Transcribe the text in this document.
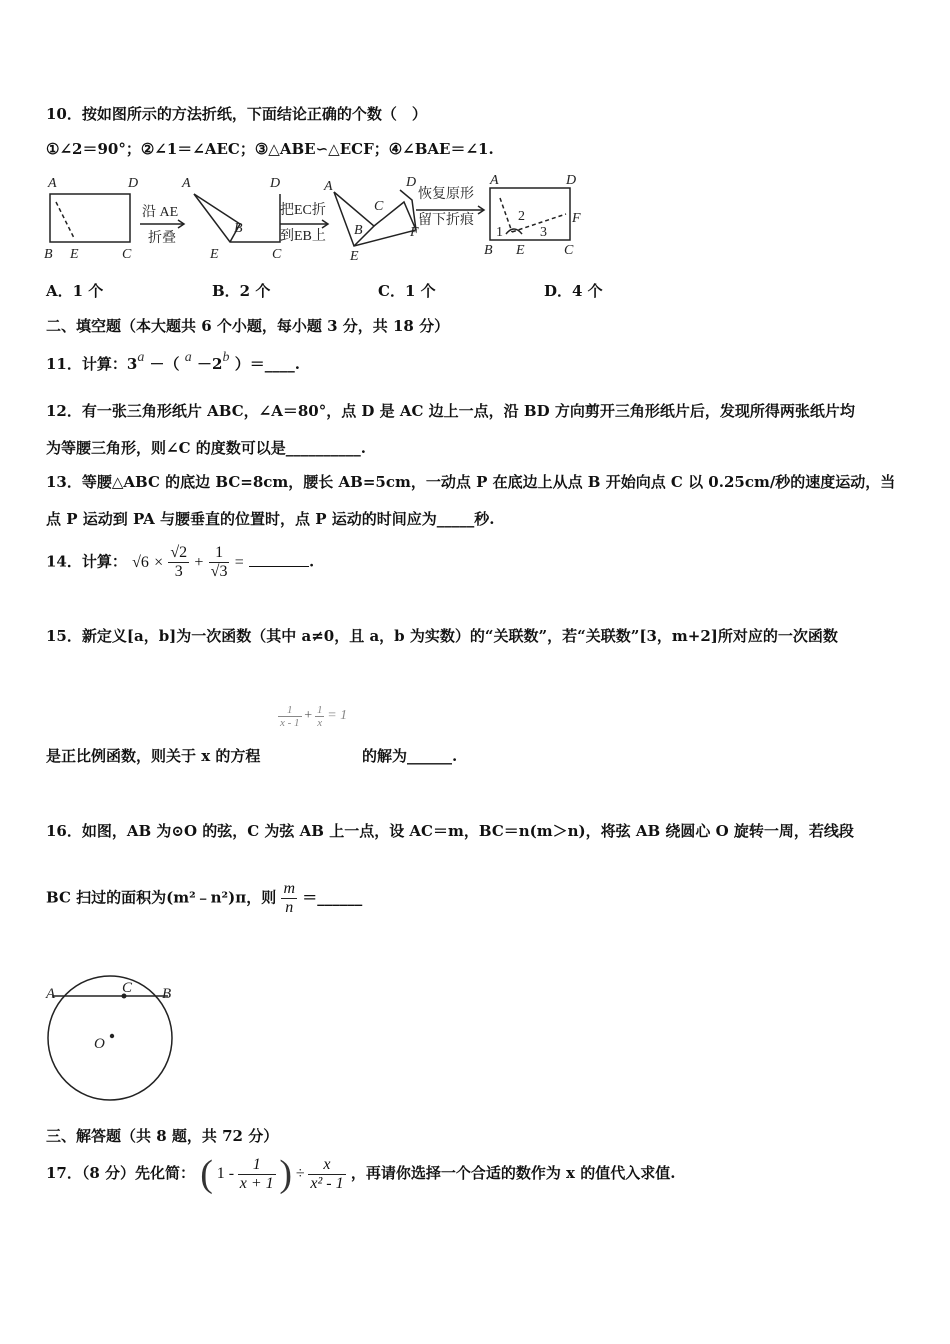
10．按如图所示的方法折纸，下面结论正确的个数（　）
①∠2＝90°；②∠1＝∠AEC；③△ABE∽△ECF；④∠BAE＝∠1.
A	D
B E	C
A	D
B
E	C
A	D
C
B	F
E
A	D
F
B E	C
1
2
3
沿 AE
折叠
把EC折
到EB上
恢复原形
留下折痕
A．1 个	B．2 个	C．1 个	D．4 个
二、填空题（本大题共 6 个小题，每小题 3 分，共 18 分）
11．计算：3a －（ a －2b ）＝____.
12．有一张三角形纸片 ABC，∠A＝80°，点 D 是 AC 边上一点，沿 BD 方向剪开三角形纸片后，发现所得两张纸片均
为等腰三角形，则∠C 的度数可以是__________.
13．等腰△ABC 的底边 BC=8cm，腰长 AB=5cm，一动点 P 在底边上从点 B 开始向点 C 以 0.25cm/秒的速度运动，当
点 P 运动到 PA 与腰垂直的位置时，点 P 运动的时间应为_____秒.
14．计算： $√6 \times \frac{√2}{3} + \frac{1}{√3}$ =	.
15．新定义[a，b]为一次函数（其中 a≠0，且 a，b 为实数）的“关联数”，若“关联数”[3，m+2]所对应的一次函数
$\frac{1}{x - 1} + \frac{1}{x} = 1$
是正比例函数，则关于 x 的方程	的解为______.
16．如图，AB 为⊙O 的弦，C 为弦 AB 上一点，设 AC＝m，BC＝n(m＞n)，将弦 AB 绕圆心 O 旋转一周，若线段
BC 扫过的面积为(m²﹣n²)π，则 $\frac{m}{n}$ ＝______
A	C B
O
三、解答题（共 8 题，共 72 分）
17．（8 分）先化简： ( $1 - \frac{1}{x + 1}$ ) ÷ $\frac{x}{\text{x² - 1}}$ ，再请你选择一个合适的数作为 x 的值代入求值.
